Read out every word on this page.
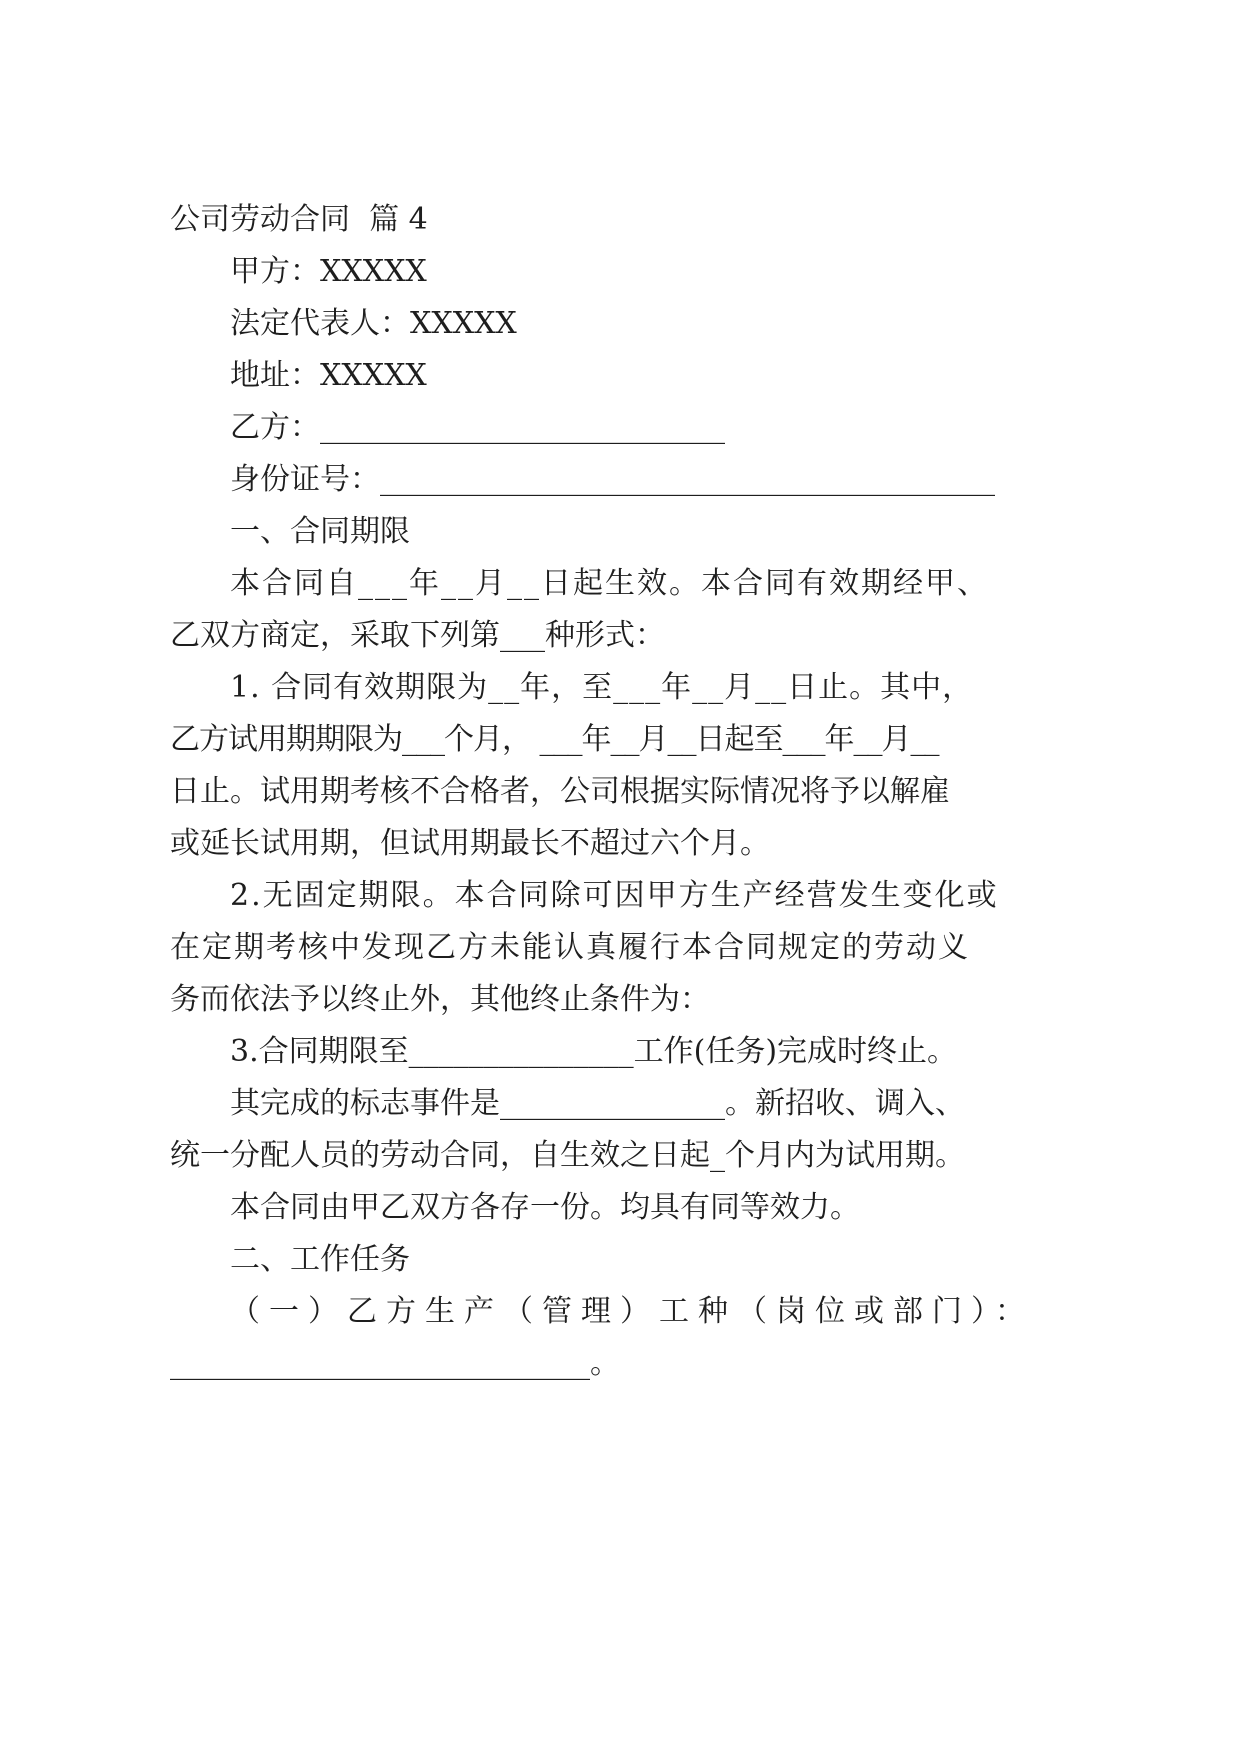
公司劳动合同  篇 4

甲方：XXXXX

法定代表人：XXXXX

地址：XXXXX

乙方：___________________________

身份证号：_________________________________________

一、合同期限

本合同自___年__月__日起生效。本合同有效期经甲、

乙双方商定，采取下列第___种形式：

1. 合同有效期限为__年，至___年__月__日止。其中，

乙方试用期期限为___个月， ___年__月__日起至___年__月__

日止。试用期考核不合格者，公司根据实际情况将予以解雇

或延长试用期，但试用期最长不超过六个月。

2.无固定期限。本合同除可因甲方生产经营发生变化或

在定期考核中发现乙方未能认真履行本合同规定的劳动义

务而依法予以终止外，其他终止条件为：

3.合同期限至_______________工作(任务)完成时终止。

其完成的标志事件是_______________。新招收、调入、

统一分配人员的劳动合同，自生效之日起_个月内为试用期。

本合同由甲乙双方各存一份。均具有同等效力。

二、工作任务

（一）乙方生产（管理）工种（岗位或部门）：

____________________________。
